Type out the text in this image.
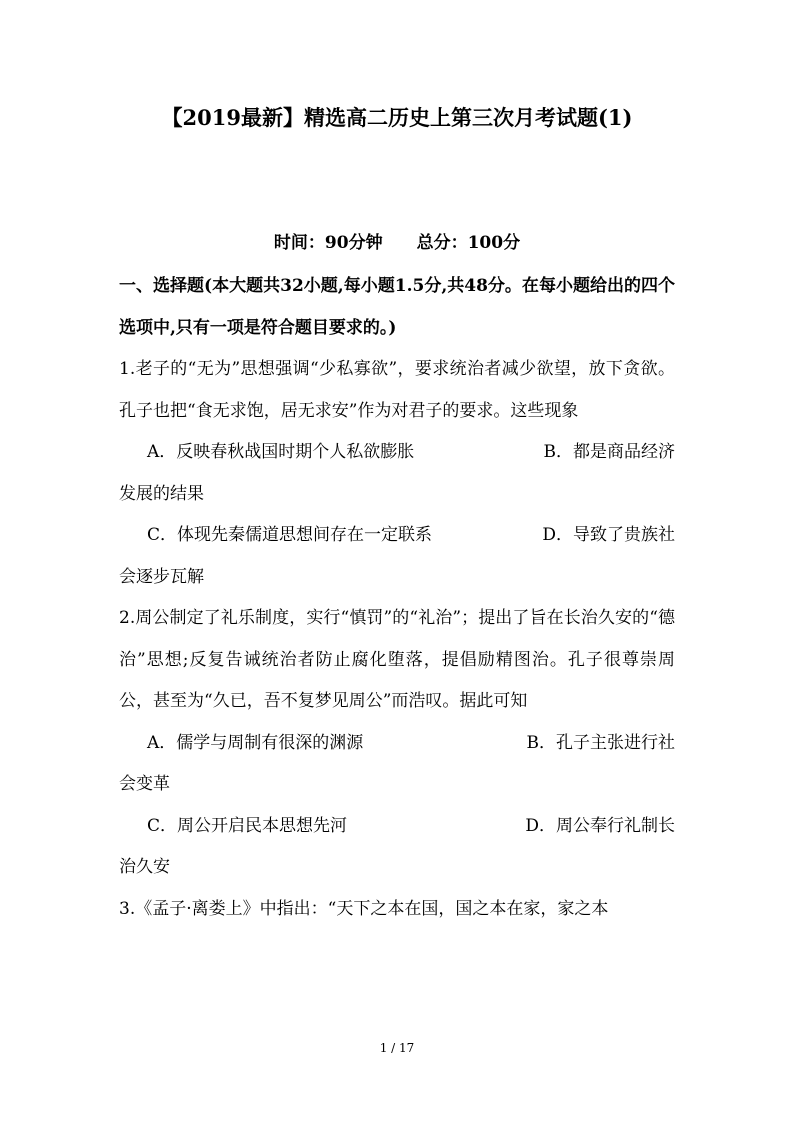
【2019最新】精选高二历史上第三次月考试题(1)
时间：90分钟　　总分：100分
一、选择题(本大题共32小题,每小题1.5分,共48分。在每小题给出的四个选项中,只有一项是符合题目要求的。)
1.老子的“无为”思想强调“少私寡欲”，要求统治者减少欲望，放下贪欲。孔子也把“食无求饱，居无求安”作为对君子的要求。这些现象
A．反映春秋战国时期个人私欲膨胀	B．都是商品经济
发展的结果
C．体现先秦儒道思想间存在一定联系	D．导致了贵族社
会逐步瓦解
2.周公制定了礼乐制度，实行“慎罚”的“礼治”；提出了旨在长治久安的“德治”思想;反复告诫统治者防止腐化堕落，提倡励精图治。孔子很尊崇周公，甚至为“久已，吾不复梦见周公”而浩叹。据此可知
A．儒学与周制有很深的渊源	B．孔子主张进行社
会变革
C．周公开启民本思想先河	D．周公奉行礼制长
治久安
3.《孟子·离娄上》中指出：“天下之本在国，国之本在家，家之本
1 / 17
